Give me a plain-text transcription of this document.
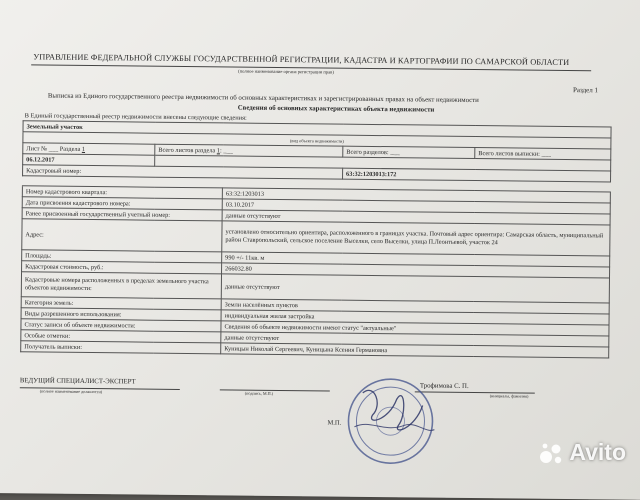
УПРАВЛЕНИЕ ФЕДЕРАЛЬНОЙ СЛУЖБЫ ГОСУДАРСТВЕННОЙ РЕГИСТРАЦИИ, КАДАСТРА И КАРТОГРАФИИ ПО САМАРСКОЙ ОБЛАСТИ
(полное наименование органа регистрации прав)
Раздел 1
Выписка из Единого государственного реестра недвижимости об основных характеристиках и зарегистрированных правах на объект недвижимости
Сведения об основных характеристиках объекта недвижимости
В Единый государственный реестр недвижимости внесены следующие сведения:
Земельный участок				
(вид объекта недвижимости)				
Лист № ___ Раздела 1	Всего листов раздела 1: ___		Всего разделов: ___	Всего листов выписки: ___
06.12.2017				
Кадастровый номер:			63:32:1203013:172	

Номер кадастрового квартала:		63:32:1203013		
Дата присвоения кадастрового номера:		03.10.2017		
Ранее присвоенный государственный учетный номер:		данные отсутствуют		
Адрес:		установлено относительно ориентира, расположенного в границах участка. Почтовый адрес ориентира: Самарская область, муниципальный район Ставропольский, сельское поселение Выселки, село Выселки, улица П.Леонтьевой, участок 24		
Площадь:		990 +/- 11кв. м		
Кадастровая стоимость, руб.:		266032.80		
Кадастровые номера расположенных в пределах земельного участка объектов недвижимости:		данные отсутствуют		
Категория земель:		Земли населённых пунктов		
Виды разрешенного использования:		индивидуальная жилая застройка		
Статус записи об объекте недвижимости:		Сведения об объекте недвижимости имеют статус "актуальные"		
Особые отметки:		данные отсутствуют		
Получатель выписки:		Куницын Николай Сергеевич, Куницына Ксения Германовна		
ВЕДУЩИЙ СПЕЦИАЛИСТ-ЭКСПЕРТ
(полное наименование должности)	(подпись, М.П.)
Трофимова С. П.
(инициалы, фамилия)
М.П.
Avito
